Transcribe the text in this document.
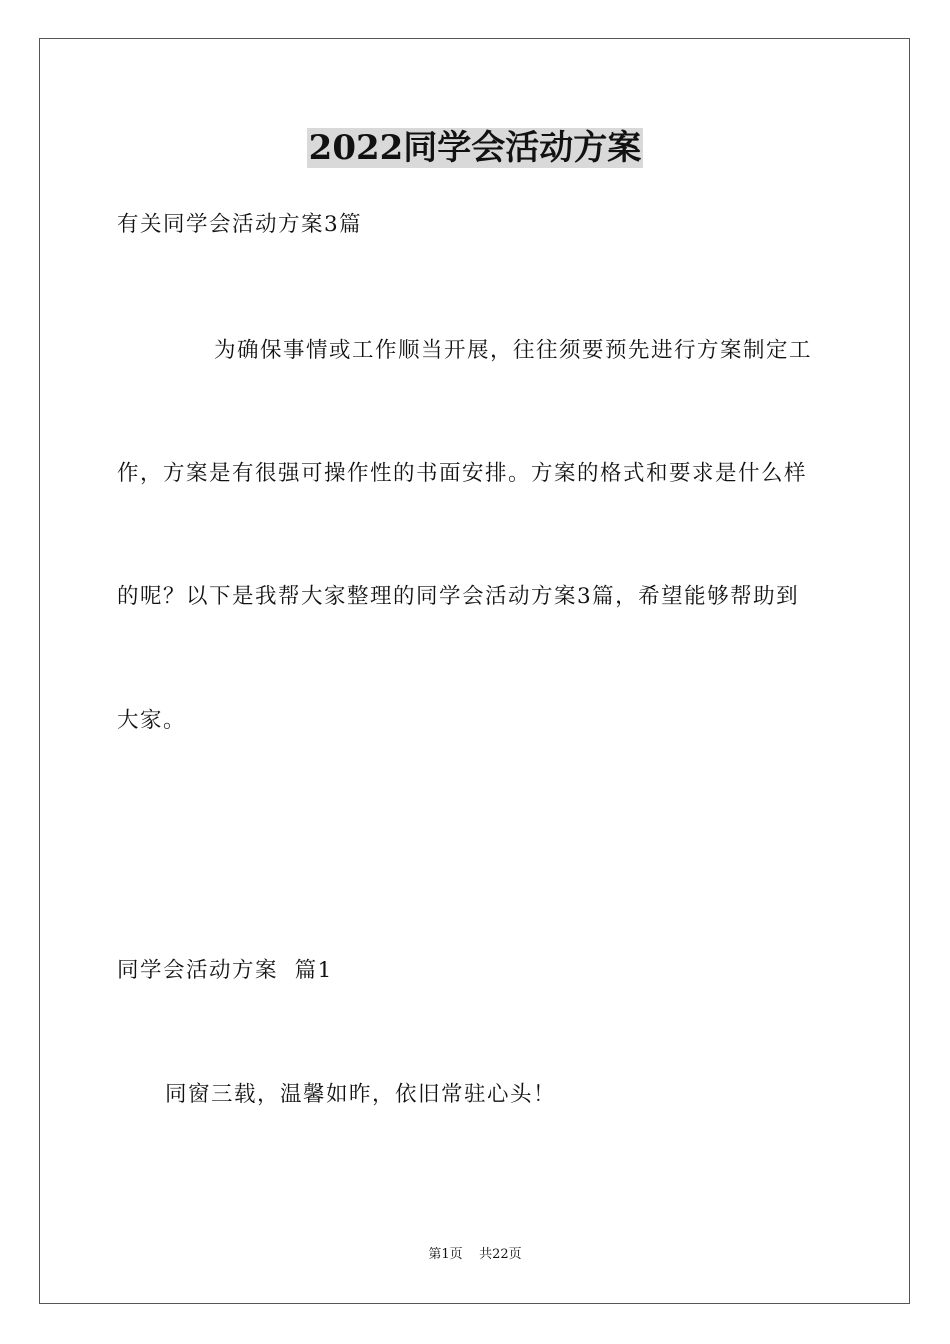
2022同学会活动方案
有关同学会活动方案3篇
为确保事情或工作顺当开展，往往须要预先进行方案制定工
作，方案是有很强可操作性的书面安排。方案的格式和要求是什么样
的呢？以下是我帮大家整理的同学会活动方案3篇，希望能够帮助到
大家。
同学会活动方案  篇1
同窗三载，温馨如昨，依旧常驻心头！
第1页    共22页
